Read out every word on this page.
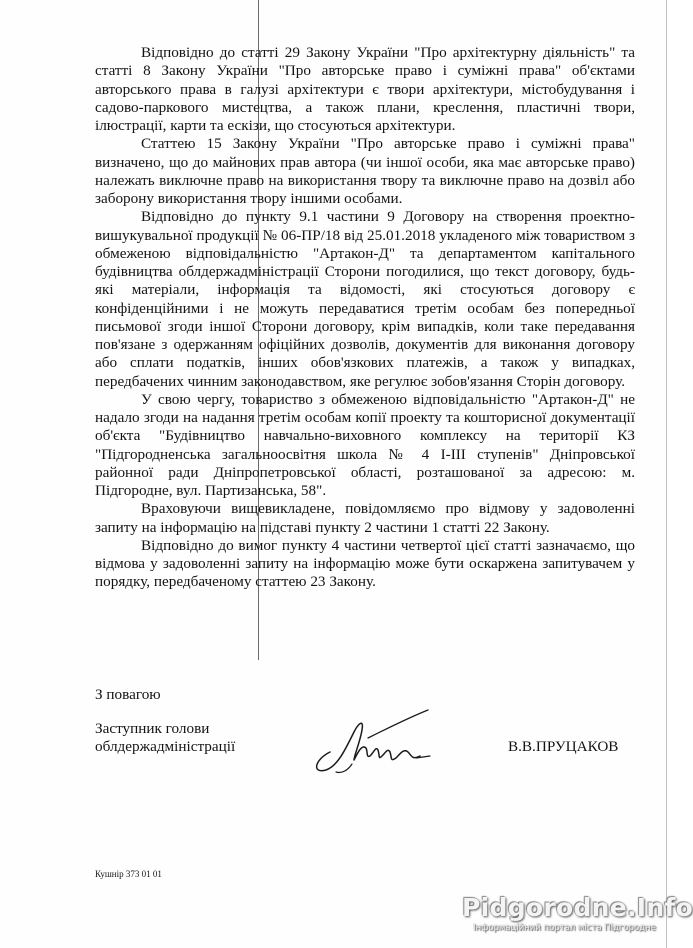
Відповідно до статті 29 Закону України "Про архітектурну діяльність" та статті 8 Закону України "Про авторське право і суміжні права" об'єктами авторського права в галузі архітектури є твори архітектури, містобудування і садово-паркового мистецтва, а також плани, креслення, пластичні твори, ілюстрації, карти та ескізи, що стосуються архітектури.

Статтею 15 Закону України "Про авторське право і суміжні права" визначено, що до майнових прав автора (чи іншої особи, яка має авторське право) належать виключне право на використання твору та виключне право на дозвіл або заборону використання твору іншими особами.

Відповідно до пункту 9.1 частини 9 Договору на створення проектно-вишукувальної продукції № 06-ПР/18 від 25.01.2018 укладеного між товариством з обмеженою відповідальністю "Артакон-Д" та департаментом капітального будівництва облдержадміністрації Сторони погодилися, що текст договору, будь-які матеріали, інформація та відомості, які стосуються договору є конфіденційними і не можуть передаватися третім особам без попередньої письмової згоди іншої Сторони договору, крім випадків, коли таке передавання пов'язане з одержанням офіційних дозволів, документів для виконання договору або сплати податків, інших обов'язкових платежів, а також у випадках, передбачених чинним законодавством, яке регулює зобов'язання Сторін договору.

У свою чергу, товариство з обмеженою відповідальністю "Артакон-Д" не надало згоди на надання третім особам копії проекту та кошторисної документації об'єкта "Будівництво навчально-виховного комплексу на території КЗ "Підгородненська загальноосвітня школа № 4 I-III ступенів" Дніпровської районної ради Дніпропетровської області, розташованої за адресою: м. Підгородне, вул. Партизанська, 58".

Враховуючи вищевикладене, повідомляємо про відмову у задоволенні запиту на інформацію на підставі пункту 2 частини 1 статті 22 Закону.

Відповідно до вимог пункту 4 частини четвертої цієї статті зазначаємо, що відмова у задоволенні запиту на інформацію може бути оскаржена запитувачем у порядку, передбаченому статтею 23 Закону.

З повагою
Заступник голови
облдержадміністрації	В.В.ПРУЦАКОВ
Кушнір 373 01 01
Pidgorodne.Info
Інформаційний портал міста Підгородне
